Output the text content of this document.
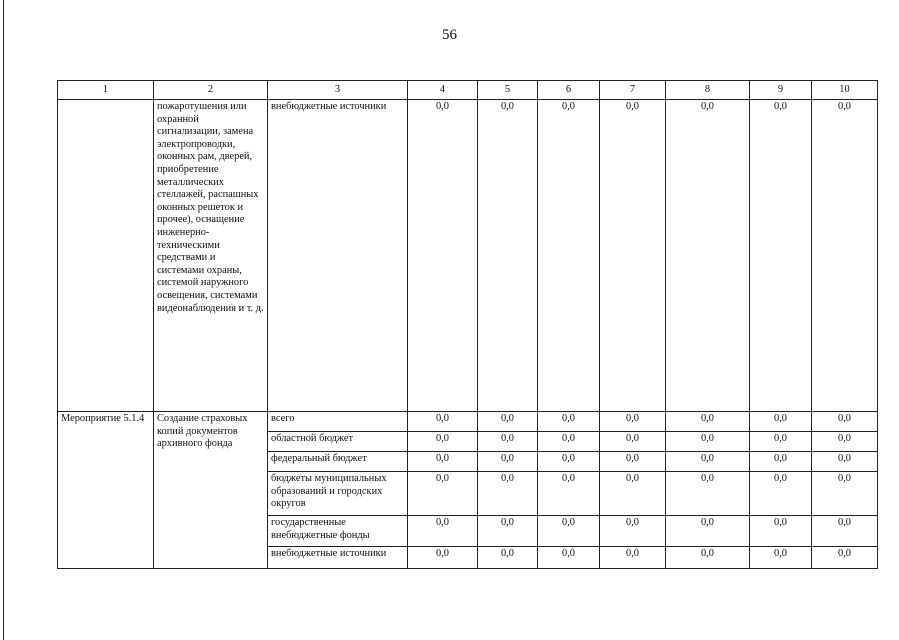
56
1	2	3	4	5	6	7	8	9	10
	пожаротушения или охранной сигнализации, замена электропроводки, оконных рам, дверей, приобретение металлических стеллажей, распашных оконных решеток и прочее), оснащение инженерно-техническими средствами и системами охраны, системой наружного освещения, системами видеонаблюдения и т. д.	внебюджетные источники	0,0	0,0	0,0	0,0	0,0	0,0	0,0
Мероприятие 5.1.4	Создание страховых копий документов архивного фонда	всего	0,0	0,0	0,0	0,0	0,0	0,0	0,0
		областной бюджет	0,0	0,0	0,0	0,0	0,0	0,0	0,0
		федеральный бюджет	0,0	0,0	0,0	0,0	0,0	0,0	0,0
		бюджеты муниципальных образований и городских округов	0,0	0,0	0,0	0,0	0,0	0,0	0,0
		государственные внебюджетные фонды	0,0	0,0	0,0	0,0	0,0	0,0	0,0
		внебюджетные источники	0,0	0,0	0,0	0,0	0,0	0,0	0,0
